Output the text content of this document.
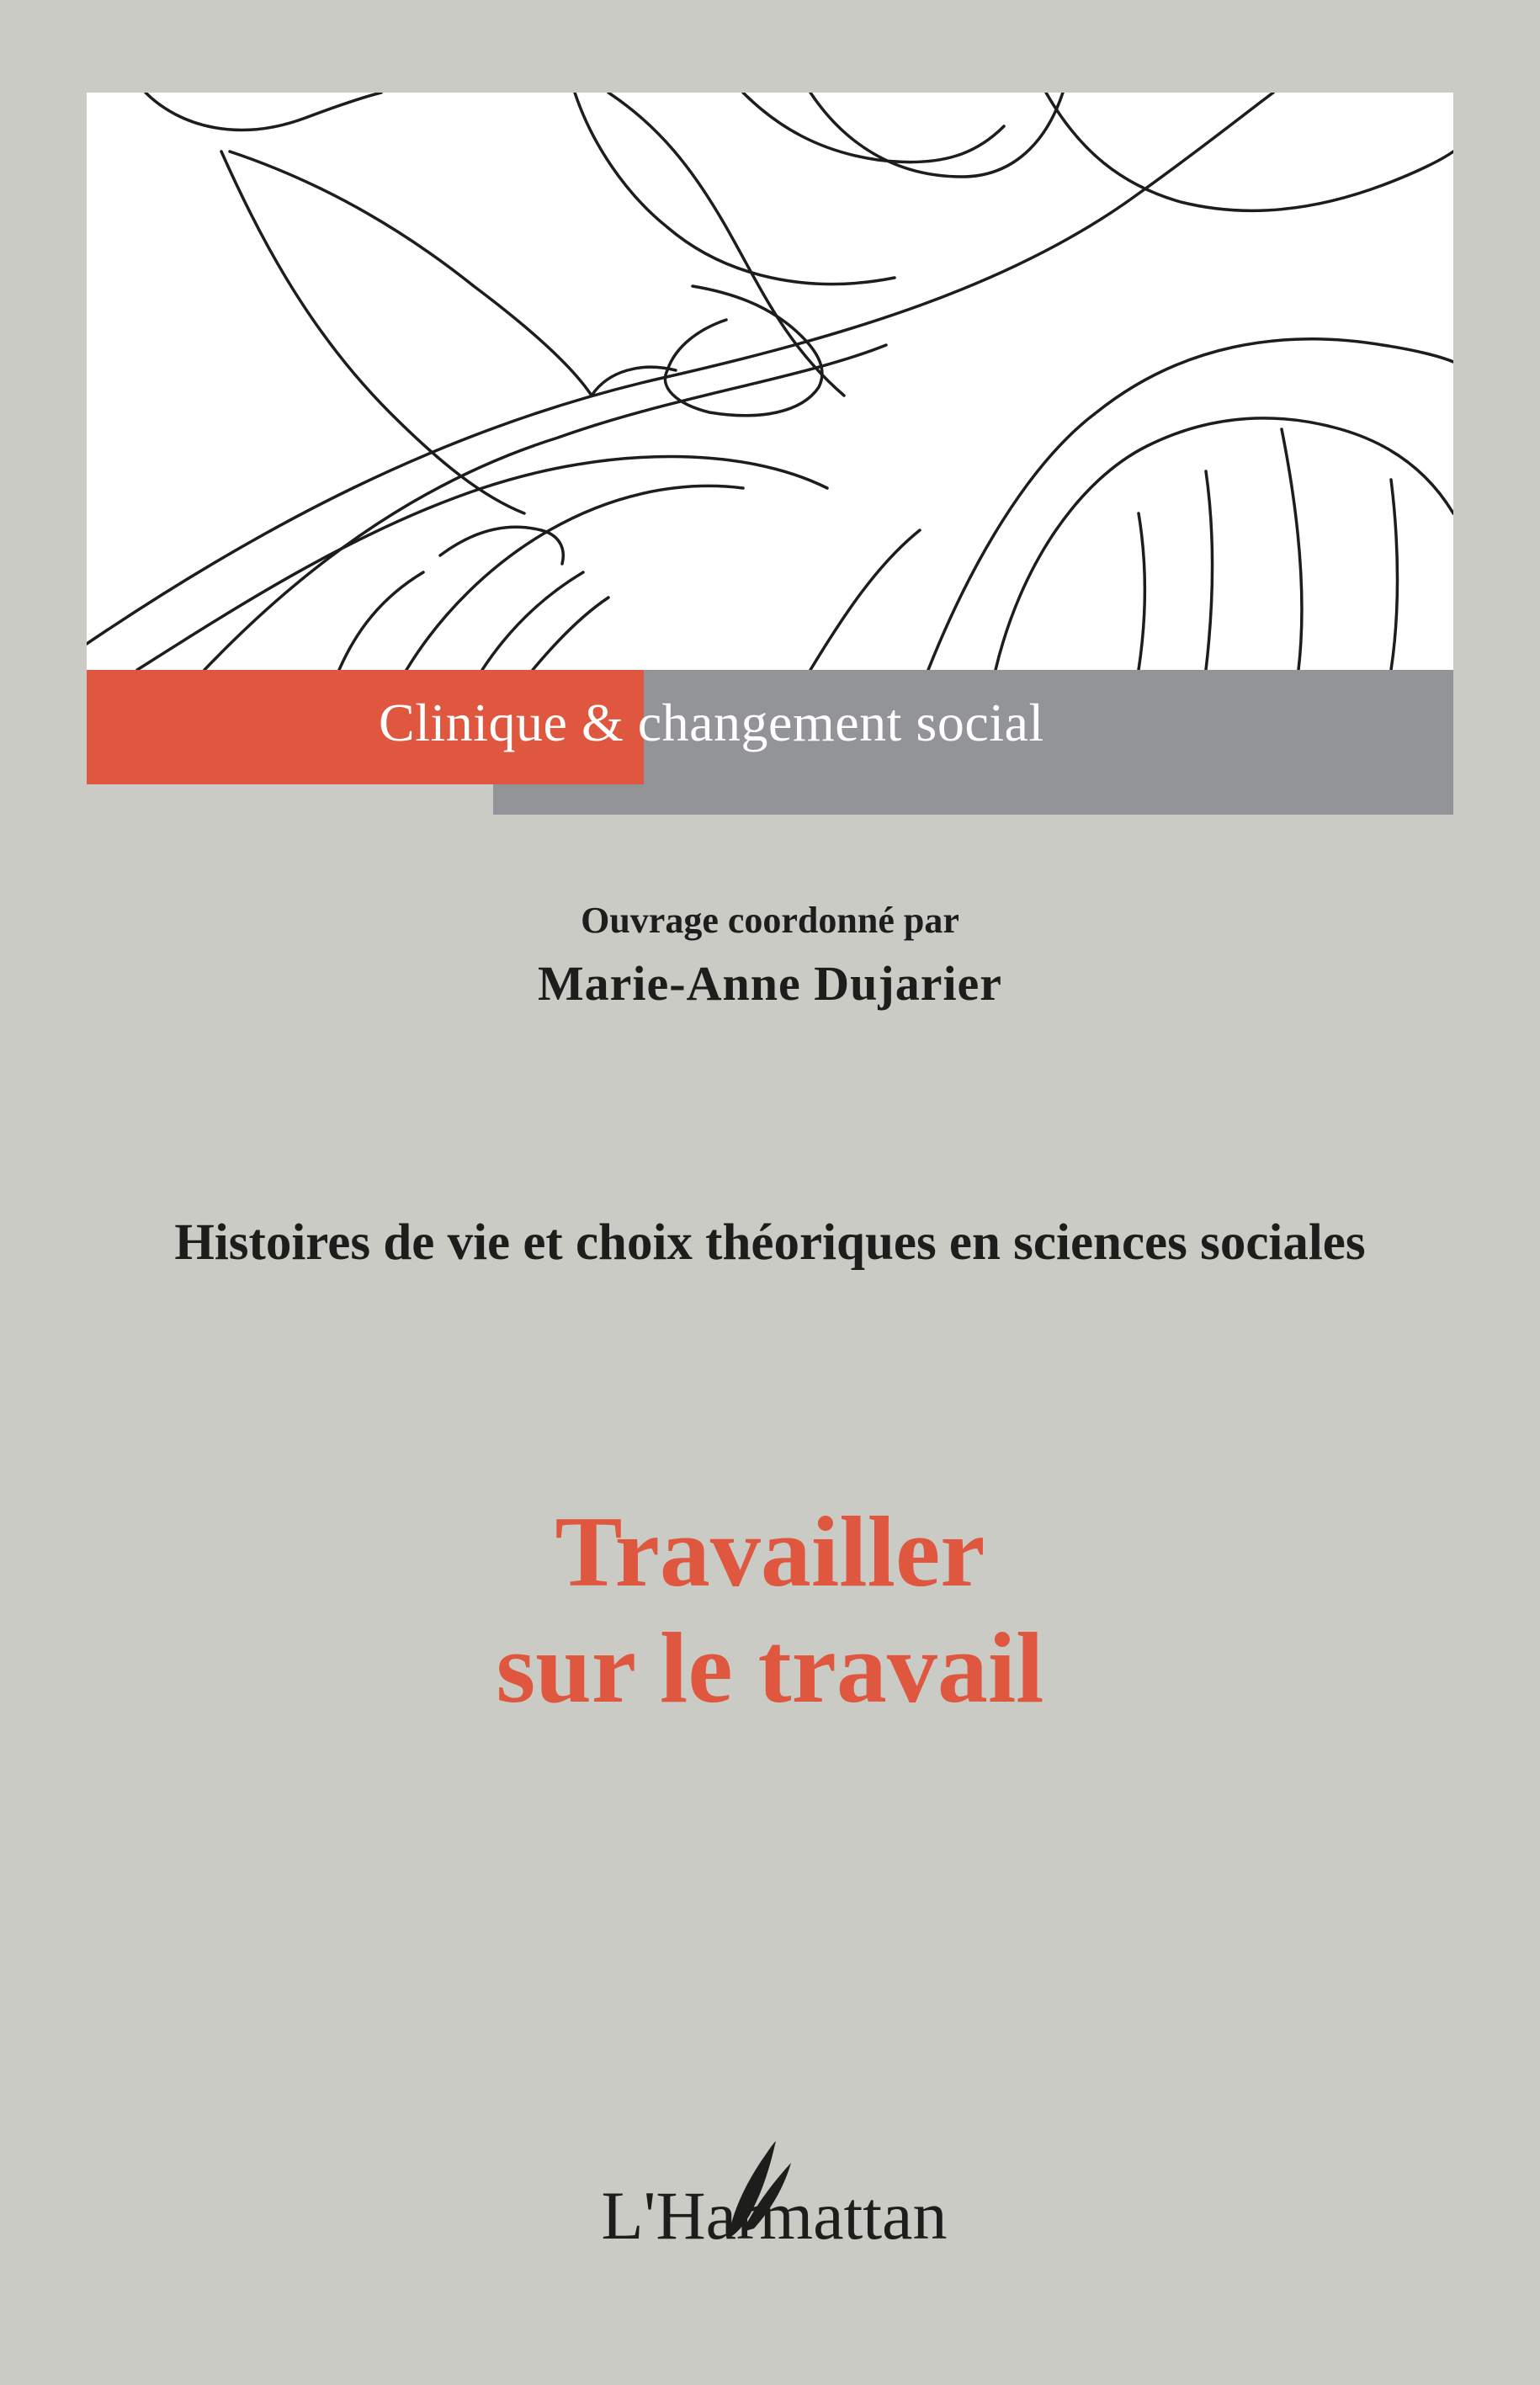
Clinique & changement social
Ouvrage coordonné par
Marie-Anne Dujarier
Histoires de vie et choix théoriques en sciences sociales
Travailler
sur le travail
L'Harmattan
